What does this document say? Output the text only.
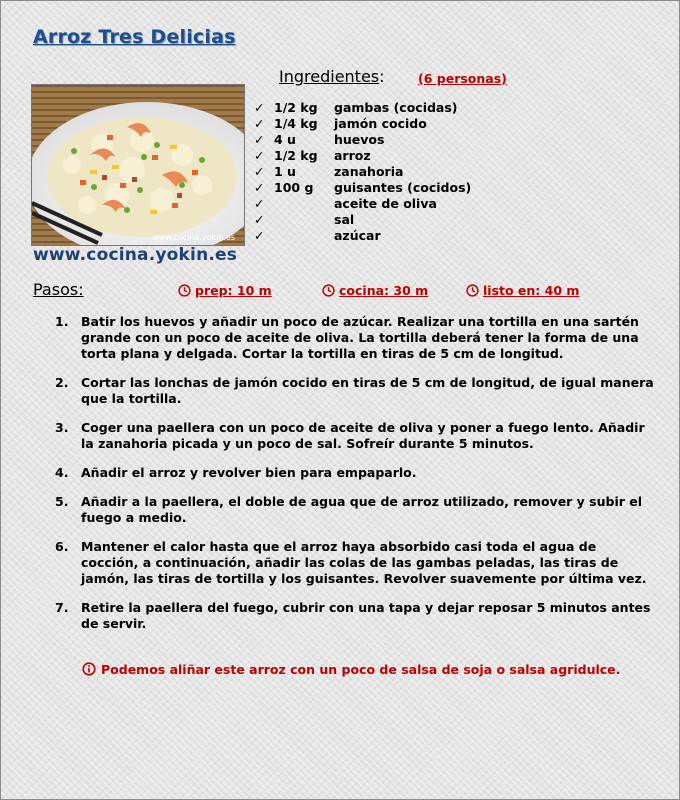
Arroz Tres Delicias
www.cocina.yokin.es
www.cocina.yokin.es
Ingredientes:	(6 personas)
✓ 1/2 kg gambas (cocidas)
✓ 1/4 kg jamón cocido
✓ 4 u	huevos
✓ 1/2 kg arroz
✓ 1 u	zanahoria
✓ 100 g guisantes (cocidos)
✓	aceite de oliva
✓	sal
✓	azúcar
Pasos:	prep: 10 m	cocina: 30 m	listo en: 40 m
1. Batir los huevos y añadir un poco de azúcar. Realizar una tortilla en una sartén grande con un poco de aceite de oliva. La tortilla deberá tener la forma de una torta plana y delgada. Cortar la tortilla en tiras de 5 cm de longitud.
2. Cortar las lonchas de jamón cocido en tiras de 5 cm de longitud, de igual manera que la tortilla.
3. Coger una paellera con un poco de aceite de oliva y poner a fuego lento. Añadir la zanahoria picada y un poco de sal. Sofreír durante 5 minutos.
4. Añadir el arroz y revolver bien para empaparlo.
5. Añadir a la paellera, el doble de agua que de arroz utilizado, remover y subir el fuego a medio.
6. Mantener el calor hasta que el arroz haya absorbido casi toda el agua de cocción, a continuación, añadir las colas de las gambas peladas, las tiras de jamón, las tiras de tortilla y los guisantes. Revolver suavemente por última vez.
7. Retire la paellera del fuego, cubrir con una tapa y dejar reposar 5 minutos antes de servir.
Podemos aliñar este arroz con un poco de salsa de soja o salsa agridulce.
